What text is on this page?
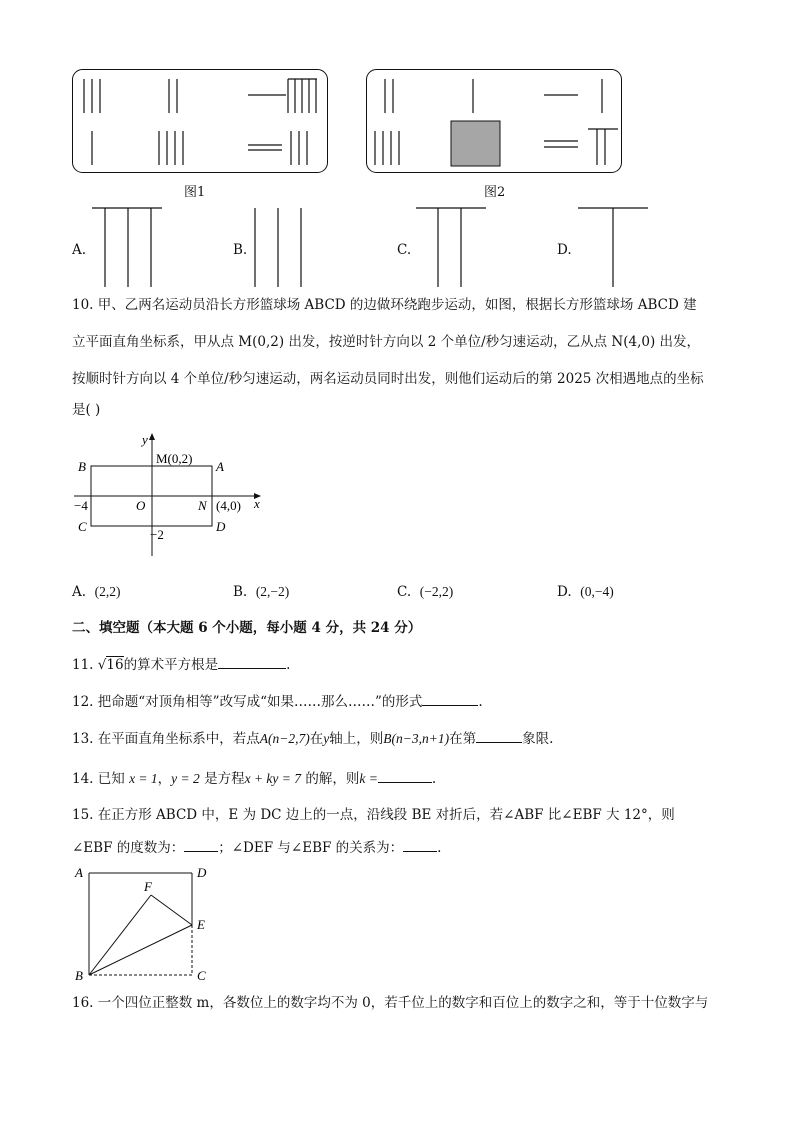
图1	图2
A.	B.	C.	D.
10. 甲、乙两名运动员沿长方形篮球场 ABCD 的边做环绕跑步运动，如图，根据长方形篮球场 ABCD 建
立平面直角坐标系，甲从点 M(0,2) 出发，按逆时针方向以 2 个单位/秒匀速运动，乙从点 N(4,0) 出发，
按顺时针方向以 4 个单位/秒匀速运动，两名运动员同时出发，则他们运动后的第 2025 次相遇地点的坐标
是( )
y
x
B	A
C	D
O	N
M(0,2)
(4,0)
−4
−2
A. (2,2)	B. (2,−2)	C. (−2,2)	D. (0,−4)
二、填空题（本大题 6 个小题，每小题 4 分，共 24 分）
11. √16的算术平方根是	.
12. 把命题“对顶角相等”改写成“如果……那么……”的形式	.
13. 在平面直角坐标系中，若点A(n−2,7)在y轴上，则B(n−3,n+1)在第	象限.
14. 已知 x = 1，y = 2 是方程x + ky = 7 的解，则k =	.
15. 在正方形 ABCD 中，E 为 DC 边上的一点，沿线段 BE 对折后，若∠ABF 比∠EBF 大 12°，则
∠EBF 的度数为：	；∠DEF 与∠EBF 的关系为：	.
A	D
F
E
B	C
16. 一个四位正整数 m，各数位上的数字均不为 0，若千位上的数字和百位上的数字之和，等于十位数字与
